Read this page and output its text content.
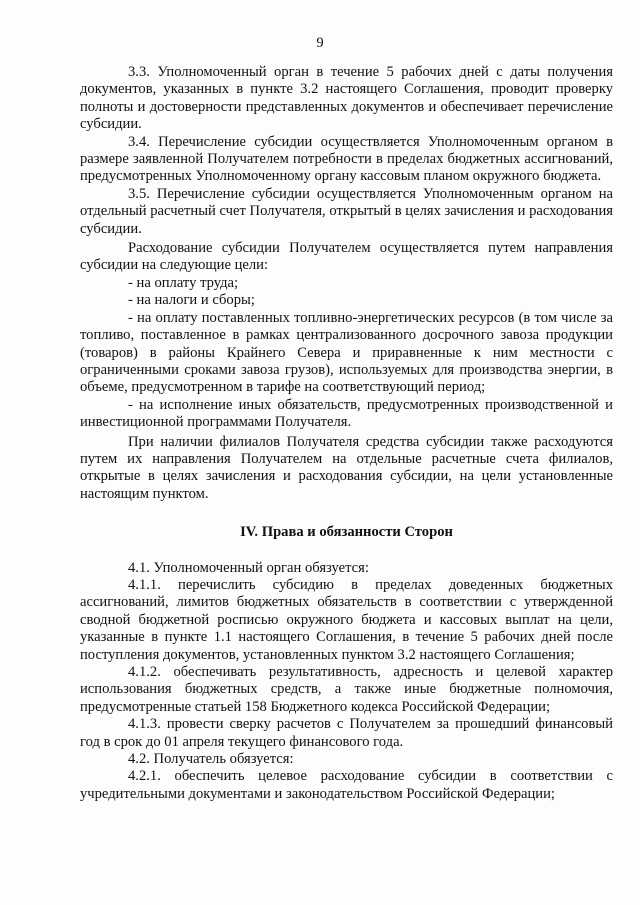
9

3.3. Уполномоченный орган в течение 5 рабочих дней с даты получения документов, указанных в пункте 3.2 настоящего Соглашения, проводит проверку полноты и достоверности представленных документов и обеспечивает перечисление субсидии.

3.4. Перечисление субсидии осуществляется Уполномоченным органом в размере заявленной Получателем потребности в пределах бюджетных ассигнований, предусмотренных Уполномоченному органу кассовым планом окружного бюджета.

3.5. Перечисление субсидии осуществляется Уполномоченным органом на отдельный расчетный счет Получателя, открытый в целях зачисления и расходования субсидии.

Расходование субсидии Получателем осуществляется путем направления субсидии на следующие цели:

- на оплату труда;

- на налоги и сборы;

- на оплату поставленных топливно-энергетических ресурсов (в том числе за топливо, поставленное в рамках централизованного досрочного завоза продукции (товаров) в районы Крайнего Севера и приравненные к ним местности с ограниченными сроками завоза грузов), используемых для производства энергии, в объеме, предусмотренном в тарифе на соответствующий период;

- на исполнение иных обязательств, предусмотренных производственной и инвестиционной программами Получателя.

При наличии филиалов Получателя средства субсидии также расходуются путем их направления Получателем на отдельные расчетные счета филиалов, открытые в целях зачисления и расходования субсидии, на цели установленные настоящим пунктом.

IV. Права и обязанности Сторон

4.1. Уполномоченный орган обязуется:

4.1.1. перечислить субсидию в пределах доведенных бюджетных ассигнований, лимитов бюджетных обязательств в соответствии с утвержденной сводной бюджетной росписью окружного бюджета и кассовых выплат на цели, указанные в пункте 1.1 настоящего Соглашения, в течение 5 рабочих дней после поступления документов, установленных пунктом 3.2 настоящего Соглашения;

4.1.2. обеспечивать результативность, адресность и целевой характер использования бюджетных средств, а также иные бюджетные полномочия, предусмотренные статьей 158 Бюджетного кодекса Российской Федерации;

4.1.3. провести сверку расчетов с Получателем за прошедший финансовый год в срок до 01 апреля текущего финансового года.

4.2. Получатель обязуется:

4.2.1. обеспечить целевое расходование субсидии в соответствии с учредительными документами и законодательством Российской Федерации;
